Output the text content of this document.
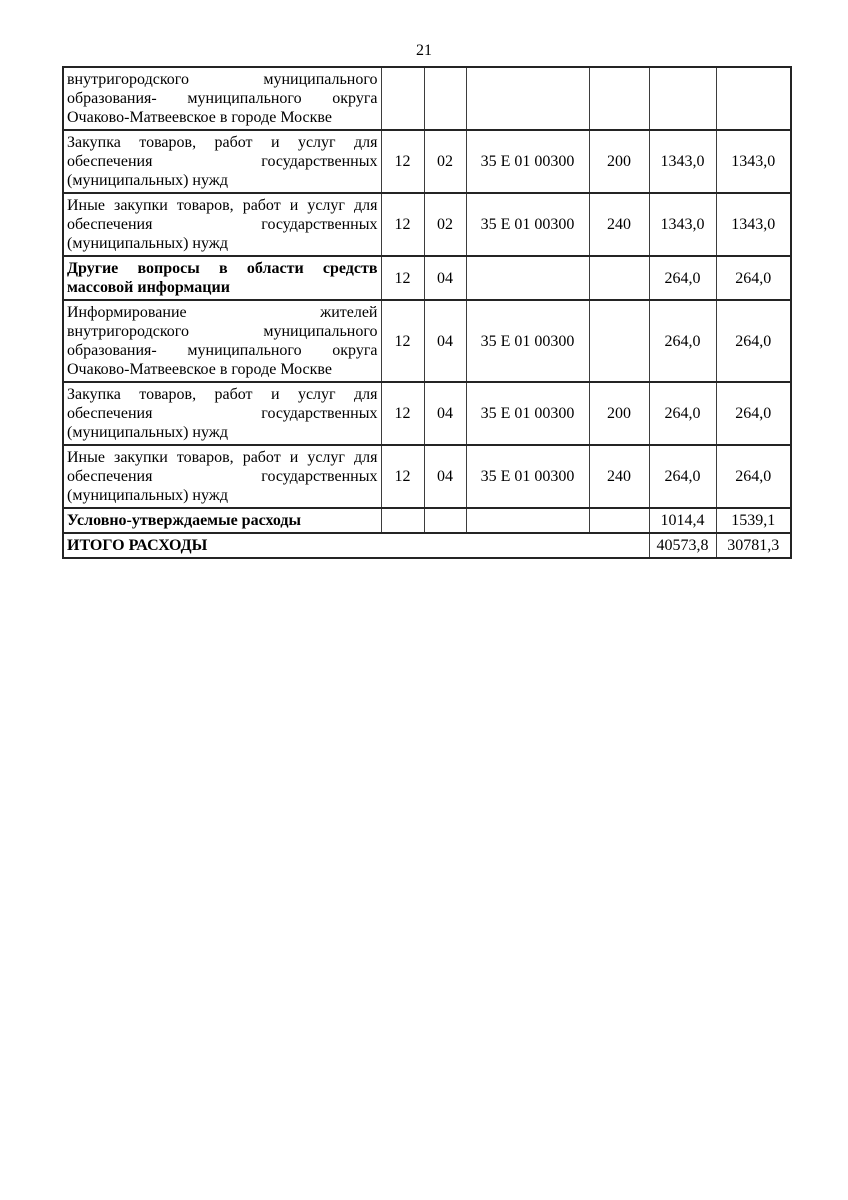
21
внутригородского муниципального
образования- муниципального округа
Очаково-Матвеевское в городе Москве						

Закупка товаров, работ и услуг для
обеспечения государственных
(муниципальных) нужд	12	02	35 Е 01 00300	200	1343,0	1343,0

Иные закупки товаров, работ и услуг для
обеспечения государственных
(муниципальных) нужд	12	02	35 Е 01 00300	240	1343,0	1343,0

Другие вопросы в области средств
массовой информации	12	04			264,0	264,0

Информирование жителей
внутригородского муниципального
образования- муниципального округа
Очаково-Матвеевское в городе Москве	12	04	35 Е 01 00300		264,0	264,0

Закупка товаров, работ и услуг для
обеспечения государственных
(муниципальных) нужд	12	04	35 Е 01 00300	200	264,0	264,0

Иные закупки товаров, работ и услуг для
обеспечения государственных
(муниципальных) нужд	12	04	35 Е 01 00300	240	264,0	264,0

Условно-утверждаемые расходы					1014,4	1539,1

ИТОГО РАСХОДЫ					40573,8	30781,3
